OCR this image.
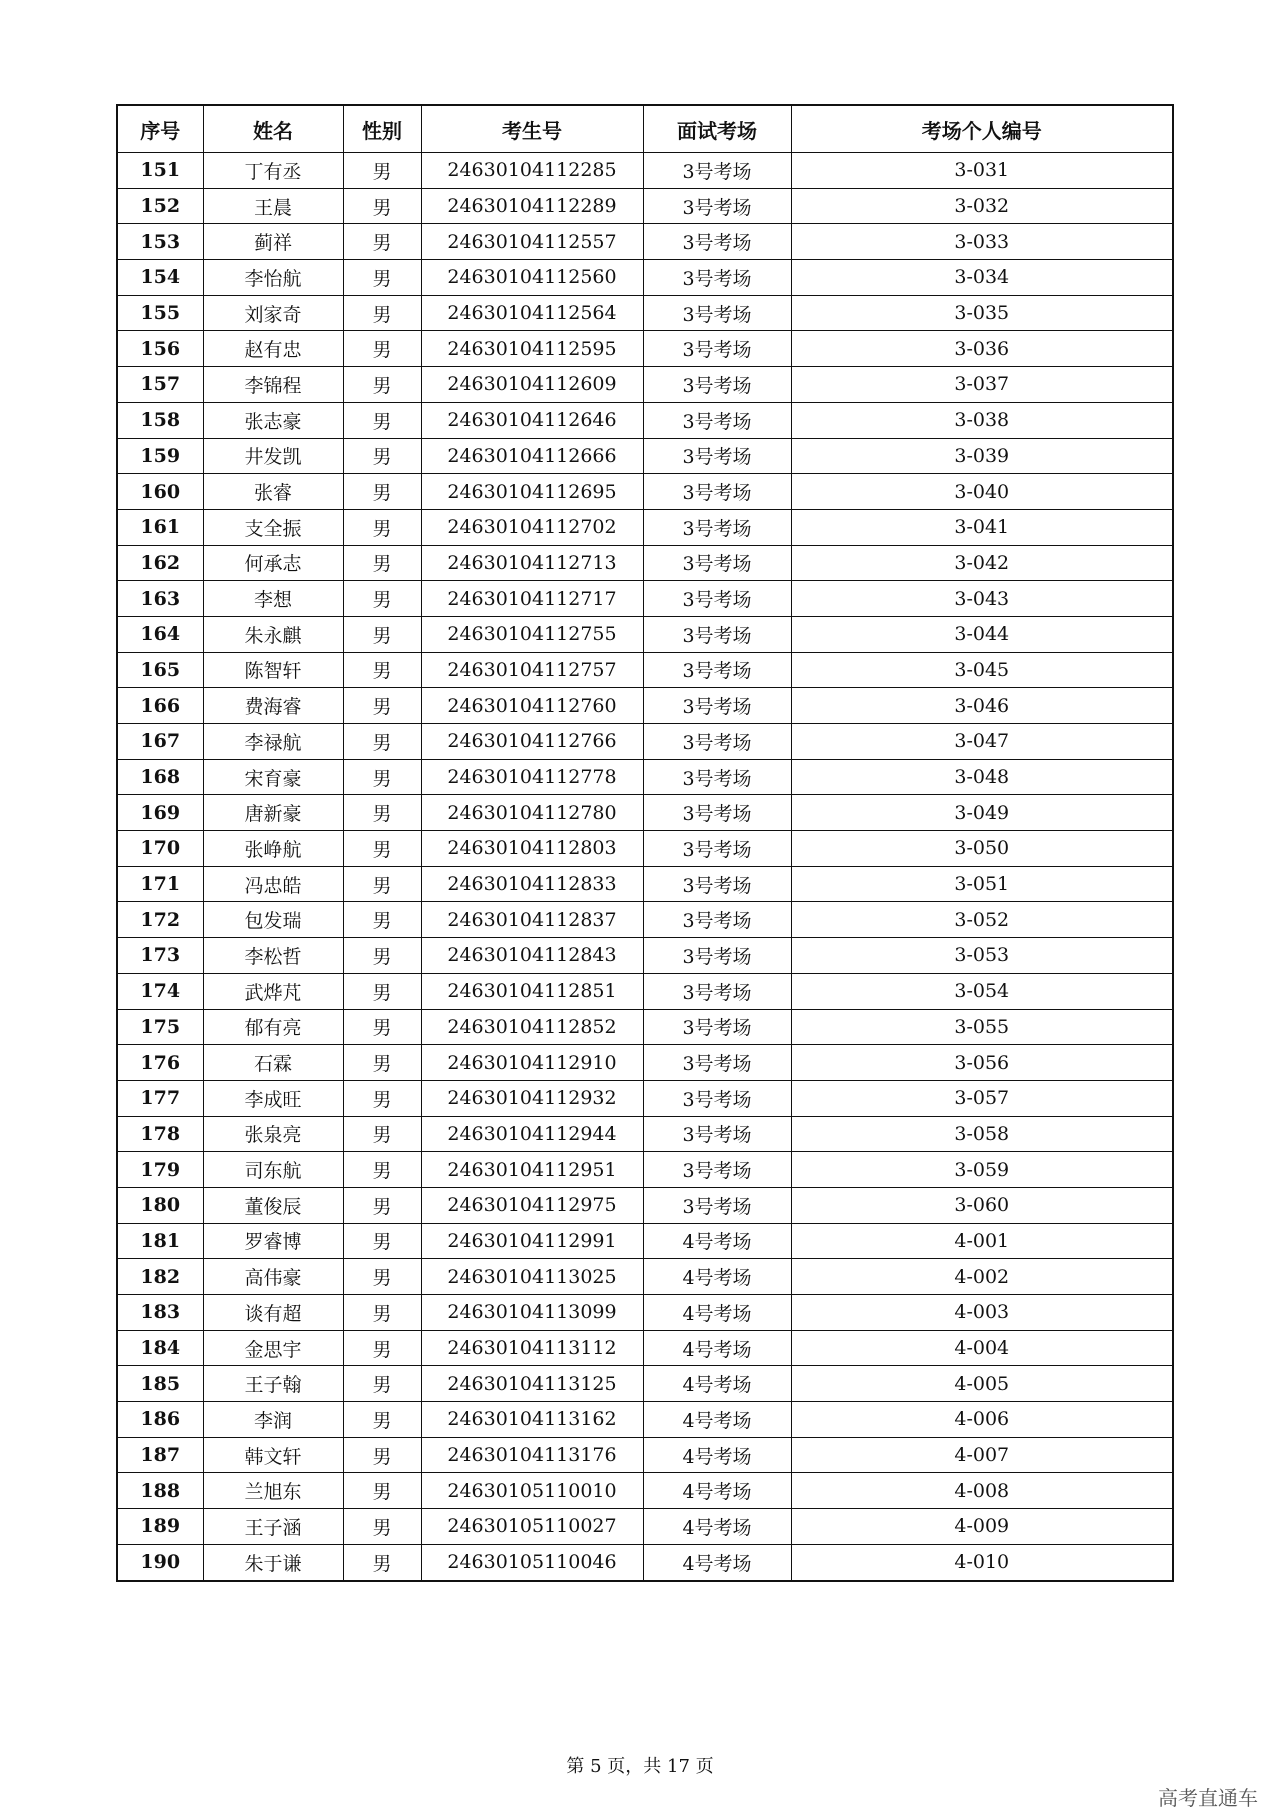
序号	姓名	性别	考生号	面试考场	考场个人编号
151	丁有丞	男	24630104112285	3号考场	3-031
152	王晨	男	24630104112289	3号考场	3-032
153	蓟祥	男	24630104112557	3号考场	3-033
154	李怡航	男	24630104112560	3号考场	3-034
155	刘家奇	男	24630104112564	3号考场	3-035
156	赵有忠	男	24630104112595	3号考场	3-036
157	李锦程	男	24630104112609	3号考场	3-037
158	张志豪	男	24630104112646	3号考场	3-038
159	井发凯	男	24630104112666	3号考场	3-039
160	张睿	男	24630104112695	3号考场	3-040
161	支全振	男	24630104112702	3号考场	3-041
162	何承志	男	24630104112713	3号考场	3-042
163	李想	男	24630104112717	3号考场	3-043
164	朱永麒	男	24630104112755	3号考场	3-044
165	陈智轩	男	24630104112757	3号考场	3-045
166	费海睿	男	24630104112760	3号考场	3-046
167	李禄航	男	24630104112766	3号考场	3-047
168	宋育豪	男	24630104112778	3号考场	3-048
169	唐新豪	男	24630104112780	3号考场	3-049
170	张峥航	男	24630104112803	3号考场	3-050
171	冯忠皓	男	24630104112833	3号考场	3-051
172	包发瑞	男	24630104112837	3号考场	3-052
173	李松哲	男	24630104112843	3号考场	3-053
174	武烨芃	男	24630104112851	3号考场	3-054
175	郁有亮	男	24630104112852	3号考场	3-055
176	石霖	男	24630104112910	3号考场	3-056
177	李成旺	男	24630104112932	3号考场	3-057
178	张泉亮	男	24630104112944	3号考场	3-058
179	司东航	男	24630104112951	3号考场	3-059
180	董俊辰	男	24630104112975	3号考场	3-060
181	罗睿博	男	24630104112991	4号考场	4-001
182	高伟豪	男	24630104113025	4号考场	4-002
183	谈有超	男	24630104113099	4号考场	4-003
184	金思宇	男	24630104113112	4号考场	4-004
185	王子翰	男	24630104113125	4号考场	4-005
186	李润	男	24630104113162	4号考场	4-006
187	韩文轩	男	24630104113176	4号考场	4-007
188	兰旭东	男	24630105110010	4号考场	4-008
189	王子涵	男	24630105110027	4号考场	4-009
190	朱于谦	男	24630105110046	4号考场	4-010
第 5 页，共 17 页
高考直通车
